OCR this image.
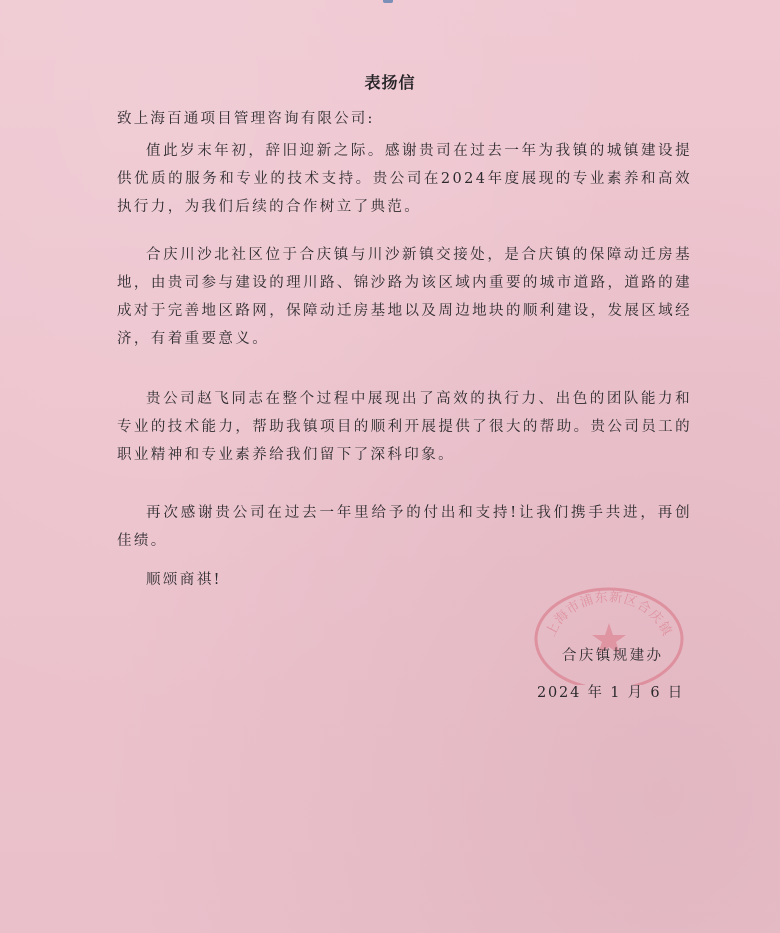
表扬信
致上海百通项目管理咨询有限公司:
值此岁末年初，辞旧迎新之际。感谢贵司在过去一年为我镇的城镇建设提供优质的服务和专业的技术支持。贵公司在2024年度展现的专业素养和高效执行力，为我们后续的合作树立了典范。
合庆川沙北社区位于合庆镇与川沙新镇交接处，是合庆镇的保障动迁房基地，由贵司参与建设的理川路、锦沙路为该区域内重要的城市道路，道路的建成对于完善地区路网，保障动迁房基地以及周边地块的顺利建设，发展区域经济，有着重要意义。
贵公司赵飞同志在整个过程中展现出了高效的执行力、出色的团队能力和专业的技术能力，帮助我镇项目的顺利开展提供了很大的帮助。贵公司员工的职业精神和专业素养给我们留下了深科印象。
再次感谢贵公司在过去一年里给予的付出和支持!让我们携手共进，再创佳绩。
顺颂商祺!
上海市浦东新区合庆镇
合庆镇规建办
2024 年 1 月 6 日
